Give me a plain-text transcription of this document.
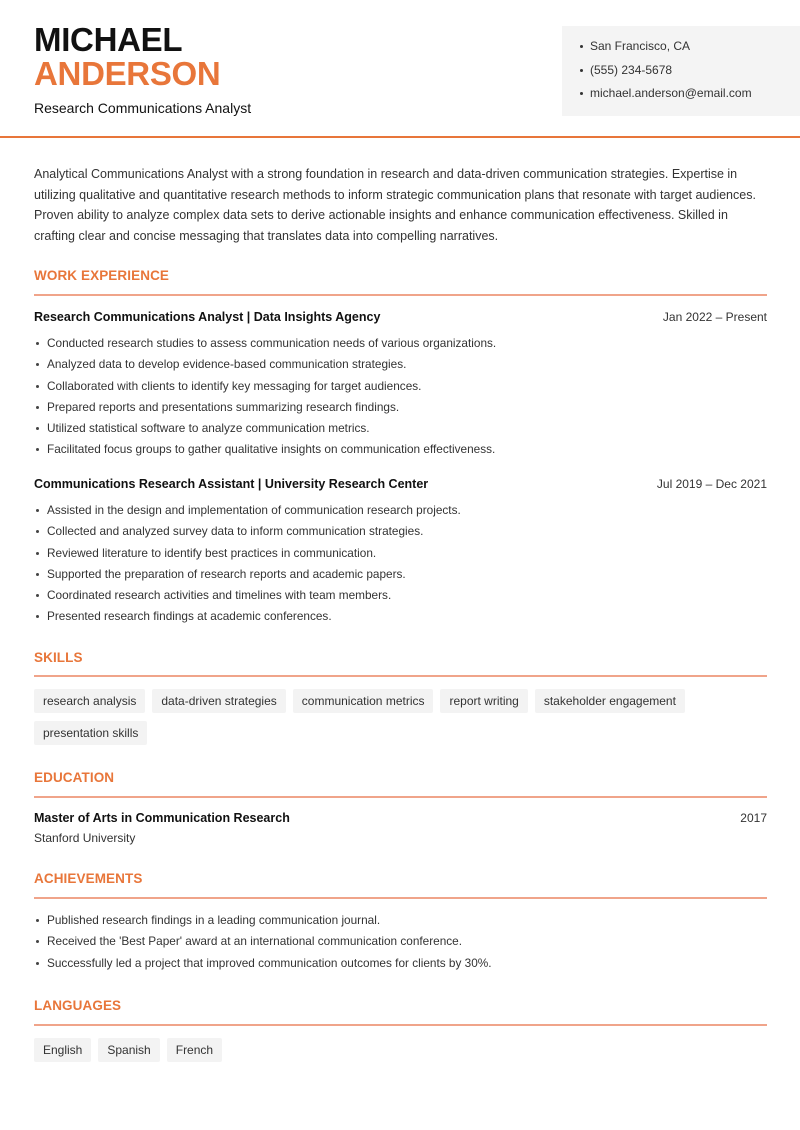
MICHAEL
ANDERSON
Research Communications Analyst
San Francisco, CA
(555) 234-5678
michael.anderson@email.com

Analytical Communications Analyst with a strong foundation in research and data-driven communication strategies. Expertise in utilizing qualitative and quantitative research methods to inform strategic communication plans that resonate with target audiences. Proven ability to analyze complex data sets to derive actionable insights and enhance communication effectiveness. Skilled in crafting clear and concise messaging that translates data into compelling narratives.

WORK EXPERIENCE
Research Communications Analyst | Data Insights Agency	Jan 2022 – Present
Conducted research studies to assess communication needs of various organizations.
Analyzed data to develop evidence-based communication strategies.
Collaborated with clients to identify key messaging for target audiences.
Prepared reports and presentations summarizing research findings.
Utilized statistical software to analyze communication metrics.
Facilitated focus groups to gather qualitative insights on communication effectiveness.
Communications Research Assistant | University Research Center	Jul 2019 – Dec 2021
Assisted in the design and implementation of communication research projects.
Collected and analyzed survey data to inform communication strategies.
Reviewed literature to identify best practices in communication.
Supported the preparation of research reports and academic papers.
Coordinated research activities and timelines with team members.
Presented research findings at academic conferences.
SKILLS
research analysis	data-driven strategies	communication metrics	report writing	stakeholder engagement
presentation skills
EDUCATION
Master of Arts in Communication Research	2017
Stanford University
ACHIEVEMENTS
Published research findings in a leading communication journal.
Received the 'Best Paper' award at an international communication conference.
Successfully led a project that improved communication outcomes for clients by 30%.
LANGUAGES
English	Spanish	French
